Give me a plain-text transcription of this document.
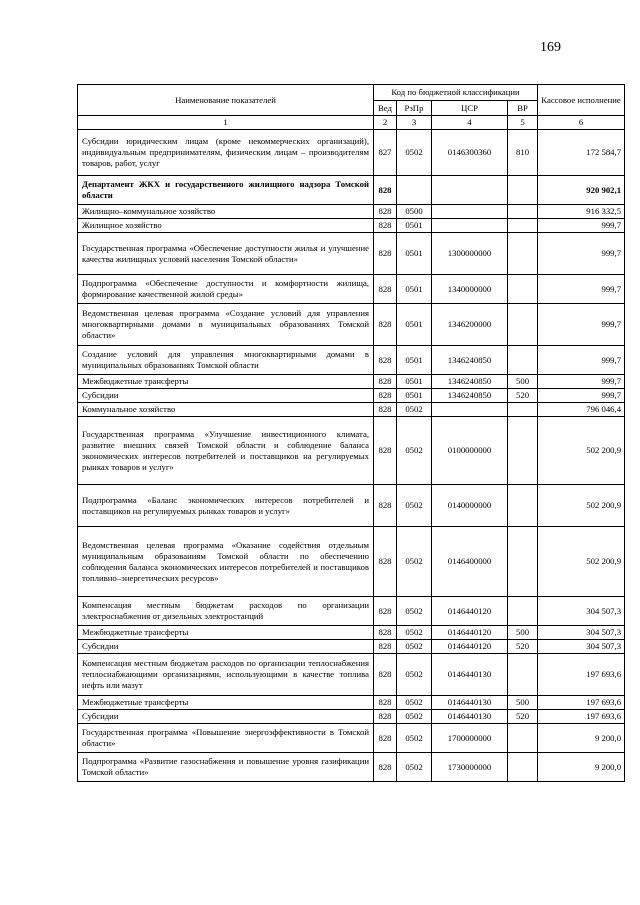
169
Наименование показателей	Код по бюджетной классификации				Кассовое исполнение
	Вед	РзПр	ЦСР	ВР	
1	2	3	4	5	6
Субсидии юридическим лицам (кроме некоммерческих организаций), индивидуальным предпринимателям, физическим лицам – производителям товаров, работ, услуг	827	0502	0146300360	810	172 584,7
Департамент ЖКХ и государственного жилищного надзора Томской области	828				920 902,1
Жилищно–коммунальное хозяйство	828	0500			916 332,5
Жилищное хозяйство	828	0501			999,7
Государственная программа «Обеспечение доступности жилья и улучшение качества жилищных условий населения Томской области»	828	0501	1300000000		999,7
Подпрограмма «Обеспечение доступности и комфортности жилища, формирование качественной жилой среды»	828	0501	1340000000		999,7
Ведомственная целевая программа «Создание условий для управления многоквартирными домами в муниципальных образованиях Томской области»	828	0501	1346200000		999,7
Создание условий для управления многоквартирными домами в муниципальных образованиях Томской области	828	0501	1346240850		999,7
Межбюджетные трансферты	828	0501	1346240850	500	999,7
Субсидии	828	0501	1346240850	520	999,7
Коммунальное хозяйство	828	0502			796 046,4
Государственная программа «Улучшение инвестиционного климата, развитие внешних связей Томской области и соблюдение баланса экономических интересов потребителей и поставщиков на регулируемых рынках товаров и услуг»	828	0502	0100000000		502 200,9
Подпрограмма «Баланс экономических интересов потребителей и поставщиков на регулируемых рынках товаров и услуг»	828	0502	0140000000		502 200,9
Ведомственная целевая программа «Оказание содействия отдельным муниципальным образованиям Томской области по обеспечению соблюдения баланса экономических интересов потребителей и поставщиков топливно–энергетических ресурсов»	828	0502	0146400000		502 200,9
Компенсация местным бюджетам расходов по организации электроснабжения от дизельных электростанций	828	0502	0146440120		304 507,3
Межбюджетные трансферты	828	0502	0146440120	500	304 507,3
Субсидии	828	0502	0146440120	520	304 507,3
Компенсация местным бюджетам расходов по организации теплоснабжения теплоснабжающими организациями, использующими в качестве топлива нефть или мазут	828	0502	0146440130		197 693,6
Межбюджетные трансферты	828	0502	0146440130	500	197 693,6
Субсидии	828	0502	0146440130	520	197 693,6
Государственная программа «Повышение энергоэффективности в Томской области»	828	0502	1700000000		9 200,0
Подпрограмма «Развитие газоснабжения и повышение уровня газификации Томской области»	828	0502	1730000000		9 200,0
